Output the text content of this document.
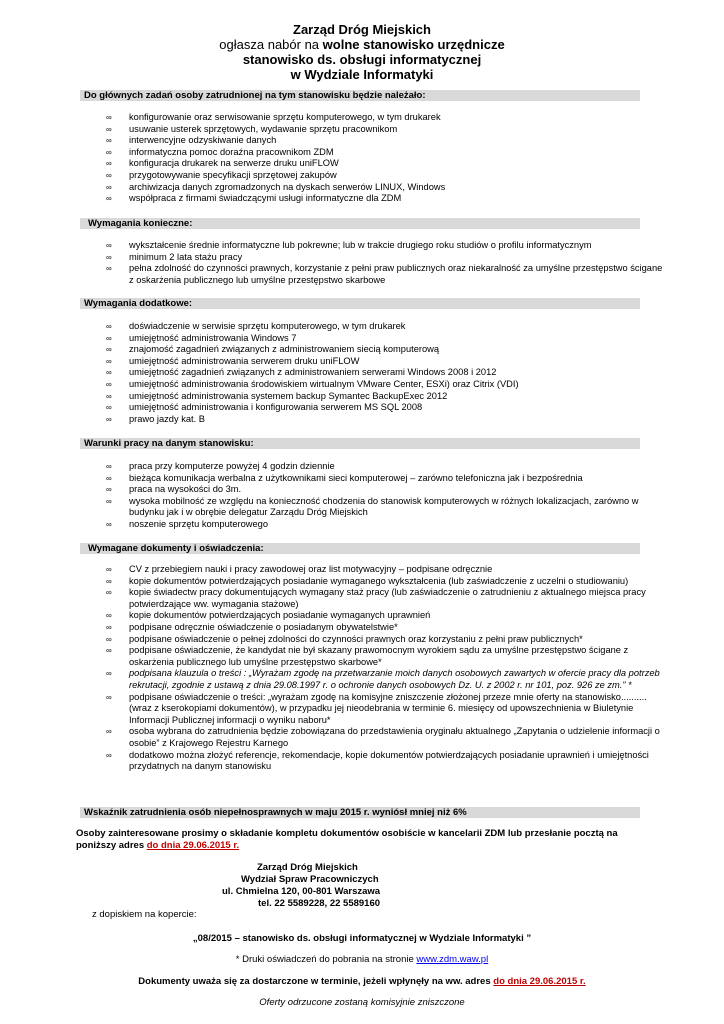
Zarząd Dróg Miejskich
ogłasza nabór na wolne stanowisko urzędnicze
stanowisko ds. obsługi informatycznej
w Wydziale Informatyki
Do głównych zadań osoby zatrudnionej na tym stanowisku będzie należało:
∞ konfigurowanie oraz serwisowanie sprzętu komputerowego, w tym drukarek
∞ usuwanie usterek sprzętowych, wydawanie sprzętu pracownikom
∞ interwencyjne odzyskiwanie danych
∞ informatyczna pomoc doraźna pracownikom ZDM
∞ konfiguracja drukarek na serwerze druku uniFLOW
∞ przygotowywanie specyfikacji sprzętowej zakupów
∞ archiwizacja danych zgromadzonych na dyskach serwerów LINUX, Windows
∞ współpraca z firmami świadczącymi usługi informatyczne dla ZDM
Wymagania konieczne:
∞ wykształcenie średnie informatyczne lub pokrewne; lub w trakcie drugiego roku studiów o profilu informatycznym
∞ minimum 2 lata stażu pracy
∞ pełna zdolność do czynności prawnych, korzystanie z pełni praw publicznych oraz niekaralność za umyślne przestępstwo ścigane z oskarżenia publicznego lub umyślne przestępstwo skarbowe
Wymagania dodatkowe:
∞ doświadczenie w serwisie sprzętu komputerowego, w tym drukarek
∞ umiejętność administrowania Windows 7
∞ znajomość zagadnień związanych z administrowaniem siecią komputerową
∞ umiejętność administrowania serwerem druku uniFLOW
∞ umiejętność zagadnień związanych z administrowaniem serwerami Windows 2008 i 2012
∞ umiejętność administrowania środowiskiem wirtualnym VMware Center, ESXi) oraz Citrix (VDI)
∞ umiejętność administrowania systemem backup Symantec BackupExec 2012
∞ umiejętność administrowania i konfigurowania serwerem MS SQL 2008
∞ prawo jazdy kat. B
Warunki pracy na danym stanowisku:
∞ praca przy komputerze powyżej 4 godzin dziennie
∞ bieżąca komunikacja werbalna z użytkownikami sieci komputerowej – zarówno telefoniczna jak i bezpośrednia
∞ praca na wysokości do 3m.
∞ wysoka mobilność ze względu na konieczność chodzenia do stanowisk komputerowych w różnych lokalizacjach, zarówno w budynku jak i w obrębie delegatur Zarządu Dróg Miejskich
∞ noszenie sprzętu komputerowego
Wymagane dokumenty i oświadczenia:
∞ CV z przebiegiem nauki i pracy zawodowej oraz list motywacyjny – podpisane odręcznie
∞ kopie dokumentów potwierdzających posiadanie wymaganego wykształcenia (lub zaświadczenie z uczelni o studiowaniu)
∞ kopie świadectw pracy dokumentujących wymagany staż pracy (lub zaświadczenie o zatrudnieniu z aktualnego miejsca pracy potwierdzające ww. wymagania stażowe)
∞ kopie dokumentów potwierdzających posiadanie wymaganych uprawnień
∞ podpisane odręcznie oświadczenie o posiadanym obywatelstwie*
∞ podpisane oświadczenie o pełnej zdolności do czynności prawnych oraz korzystaniu z pełni praw publicznych*
∞ podpisane oświadczenie, że kandydat nie był skazany prawomocnym wyrokiem sądu za umyślne przestępstwo ścigane z oskarżenia publicznego lub umyślne przestępstwo skarbowe*
∞ podpisana klauzula o treści : „Wyrażam zgodę na przetwarzanie moich danych osobowych zawartych w ofercie pracy dla potrzeb rekrutacji, zgodnie z ustawą z dnia 29.08.1997 r. o ochronie danych osobowych Dz. U. z 2002 r. nr 101, poz. 926 ze zm.” *
∞ podpisane oświadczenie o treści: „wyrażam zgodę na komisyjne zniszczenie złożonej przeze mnie oferty na stanowisko..........(wraz z kserokopiami dokumentów), w przypadku jej nieodebrania w terminie 6. miesięcy od upowszechnienia w Biuletynie Informacji Publicznej informacji o wyniku naboru*
∞ osoba wybrana do zatrudnienia będzie zobowiązana do przedstawienia oryginału aktualnego „Zapytania o udzielenie informacji o osobie” z Krajowego Rejestru Karnego
∞ dodatkowo można złożyć referencje, rekomendacje, kopie dokumentów potwierdzających posiadanie uprawnień i umiejętności przydatnych na danym stanowisku
Wskaźnik zatrudnienia osób niepełnosprawnych w maju 2015 r. wyniósł mniej niż 6%
Osoby zainteresowane prosimy o składanie kompletu dokumentów osobiście w kancelarii ZDM lub przesłanie pocztą na poniższy adres do dnia 29.06.2015 r.
Zarząd Dróg Miejskich
Wydział Spraw Pracowniczych
ul. Chmielna 120, 00-801 Warszawa
tel. 22 5589228, 22 5589160
z dopiskiem na kopercie:
„08/2015 – stanowisko ds. obsługi informatycznej w Wydziale Informatyki ”
* Druki oświadczeń do pobrania na stronie www.zdm.waw.pl
Dokumenty uważa się za dostarczone w terminie, jeżeli wpłynęły na ww. adres do dnia 29.06.2015 r.
Oferty odrzucone zostaną komisyjnie zniszczone
